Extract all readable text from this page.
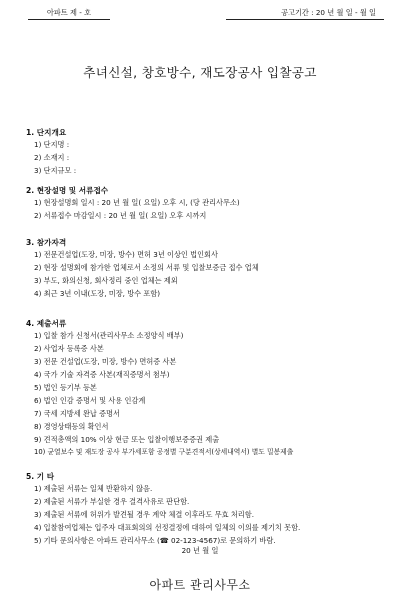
아파트 제 - 호	공고기간 : 20 년 월 일 - 월 일
추녀신설, 창호방수, 재도장공사 입찰공고
1. 단지개요
1) 단지명 :
2) 소재지 :
3) 단지규모 :
2. 현장설명 및 서류접수
1) 현장설명회 일시 : 20 년 월 일( 요일) 오후 시, (당 관리사무소)
2) 서류접수 마감일시 : 20 년 월 일( 요일) 오후 시까지
3. 참가자격
1) 전문건설업(도장, 미장, 방수) 면허 3년 이상인 법인회사
2) 현장 설명회에 참가한 업체로서 소정의 서류 및 입찰보증금 접수 업체
3) 부도, 화의신청, 회사정리 중인 업체는 제외
4) 최근 3년 이내(도장, 미장, 방수 포함)
4. 제출서류
1) 입찰 참가 신청서(관리사무소 소정양식 배부)
2) 사업자 등록증 사본
3) 전문 건설업(도장, 미장, 방수) 면허증 사본
4) 국가 기술 자격증 사본(재직증명서 첨부)
5) 법인 등기부 등본
6) 법인 인감 증명서 및 사용 인감계
7) 국세 지방세 완납 증명서
8) 경영상태등의 확인서
9) 견적총액의 10% 이상 현금 또는 입찰이행보증증권 제출
10) 균열보수 및 재도장 공사 부가세포함 공정별 구분견적서(상세내역서) 별도 밀봉제출
5. 기 타
1) 제출된 서류는 일체 반환하지 않음.
2) 제출된 서류가 부실한 경우 결격사유로 판단함.
3) 제출된 서류에 허위가 발견될 경우 계약 체결 이후라도 무효 처리함.
4) 입찰참여업체는 입주자 대표회의의 선정결정에 대하여 일체의 이의를 제기치 못함.
5) 기타 문의사항은 아파트 관리사무소 (☎ 02-123-4567)로 문의하기 바람.
20 년 월 일
아파트 관리사무소
